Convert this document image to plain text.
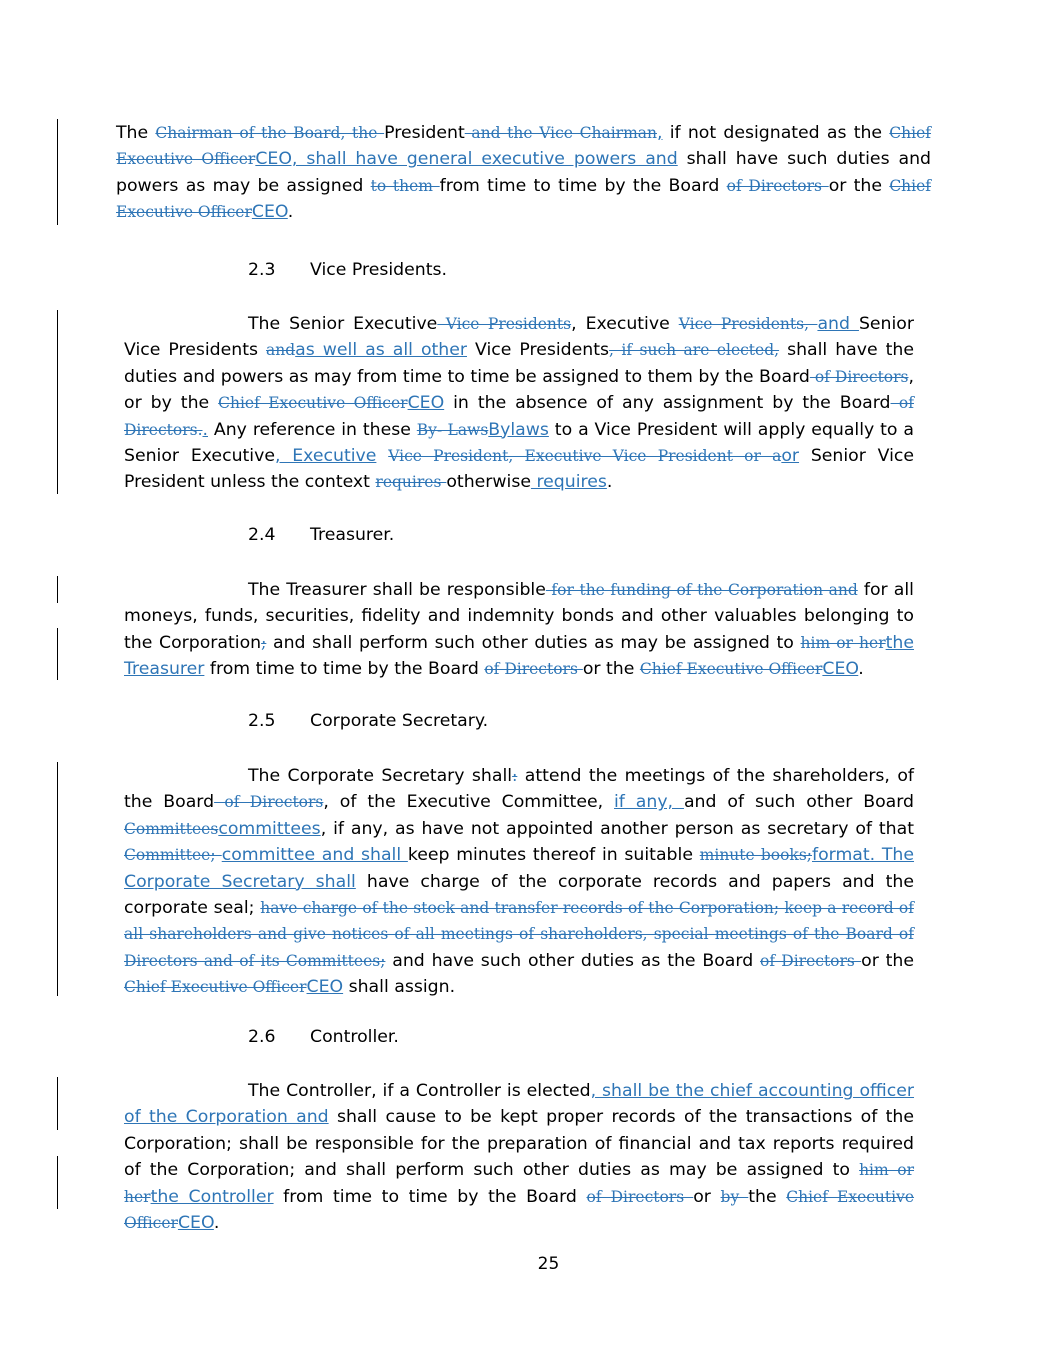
The Chairman of the Board, the President and the Vice Chairman, if not designated as the Chief Executive OfficerCEO, shall have general executive powers and shall have such duties and powers as may be assigned to them from time to time by the Board of Directors or the Chief Executive OfficerCEO.
2.3 Vice Presidents.
The Senior Executive Vice Presidents, Executive Vice Presidents, and Senior Vice Presidents andas well as all other Vice Presidents, if such are elected, shall have the duties and powers as may from time to time be assigned to them by the Board of Directors, or by the Chief Executive OfficerCEO in the absence of any assignment by the Board of Directors.. Any reference in these By- LawsBylaws to a Vice President will apply equally to a Senior Executive, Executive Vice President, Executive Vice President or aor Senior Vice President unless the context requires otherwise requires.
2.4 Treasurer.
The Treasurer shall be responsible for the funding of the Corporation and for all moneys, funds, securities, fidelity and indemnity bonds and other valuables belonging to the Corporation; and shall perform such other duties as may be assigned to him or herthe Treasurer from time to time by the Board of Directors or the Chief Executive OfficerCEO.
2.5 Corporate Secretary.
The Corporate Secretary shall: attend the meetings of the shareholders, of the Board of Directors, of the Executive Committee, if any, and of such other Board Committeescommittees, if any, as have not appointed another person as secretary of that Committee; committee and shall keep minutes thereof in suitable minute books;format. The Corporate Secretary shall have charge of the corporate records and papers and the corporate seal; have charge of the stock and transfer records of the Corporation; keep a record of all shareholders and give notices of all meetings of shareholders, special meetings of the Board of Directors and of its Committees; and have such other duties as the Board of Directors or the Chief Executive OfficerCEO shall assign.
2.6 Controller.
The Controller, if a Controller is elected, shall be the chief accounting officer of the Corporation and shall cause to be kept proper records of the transactions of the Corporation; shall be responsible for the preparation of financial and tax reports required of the Corporation; and shall perform such other duties as may be assigned to him or herthe Controller from time to time by the Board of Directors or by the Chief Executive OfficerCEO.
25
